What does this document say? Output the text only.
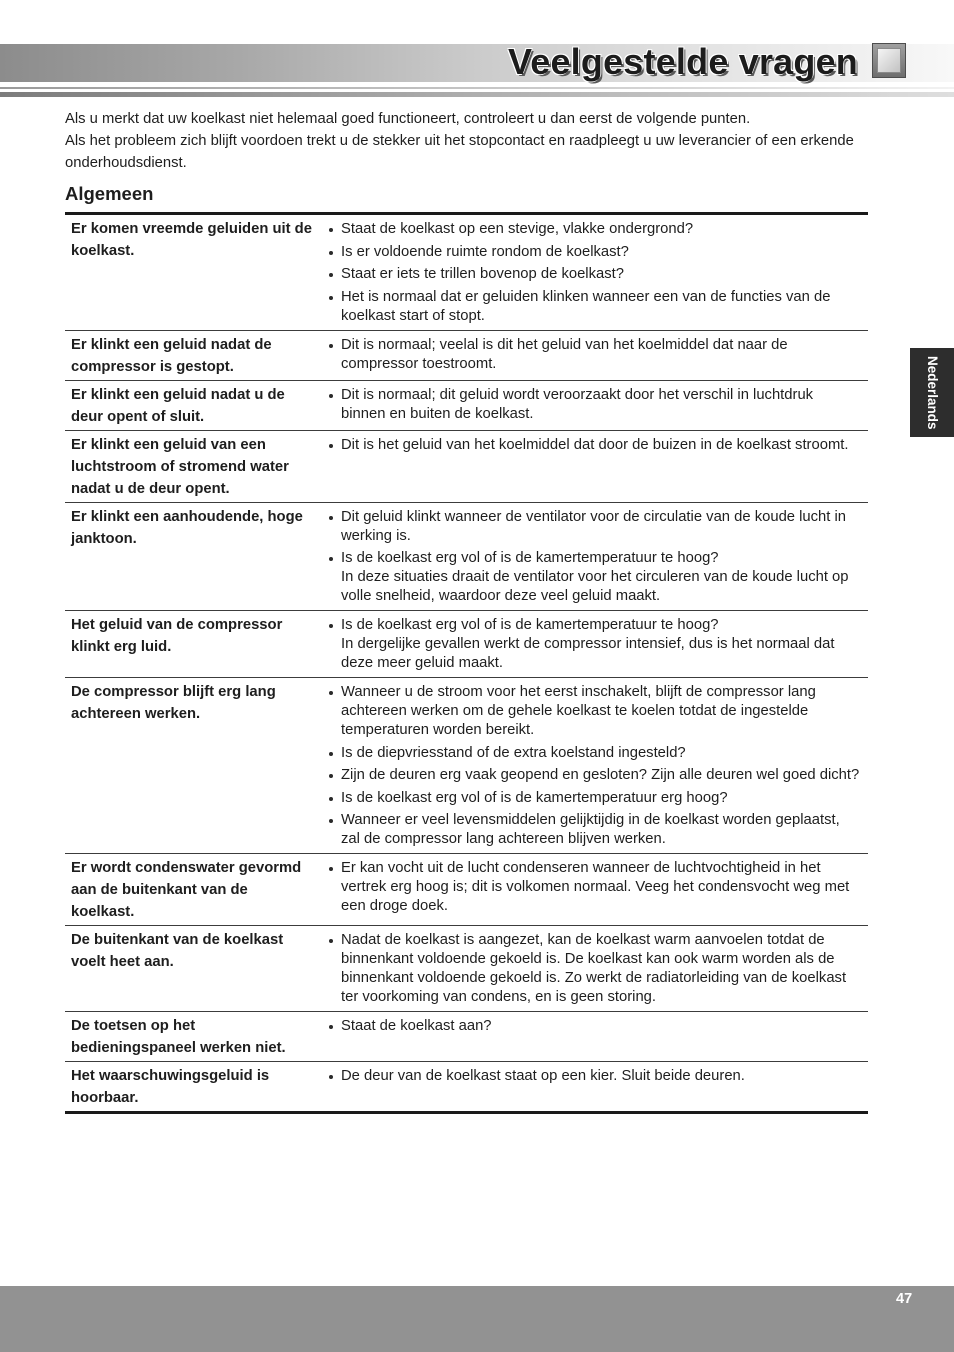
Veelgestelde vragen
Als u merkt dat uw koelkast niet helemaal goed functioneert, controleert u dan eerst de volgende punten.
Als het probleem zich blijft voordoen trekt u de stekker uit het stopcontact en raadpleegt u uw leverancier of een erkende
onderhoudsdienst.
Algemeen
Er komen vreemde geluiden uit de
koelkast.
Staat de koelkast op een stevige, vlakke ondergrond?
Is er voldoende ruimte rondom de koelkast?
Staat er iets te trillen bovenop de koelkast?
Het is normaal dat er geluiden klinken wanneer een van de functies van de
koelkast start of stopt.
Er klinkt een geluid nadat de
compressor is gestopt.
Dit is normaal; veelal is dit het geluid van het koelmiddel dat naar de
compressor toestroomt.
Er klinkt een geluid nadat u de
deur opent of sluit.
Dit is normaal; dit geluid wordt veroorzaakt door het verschil in luchtdruk
binnen en buiten de koelkast.
Er klinkt een geluid van een
luchtstroom of stromend water
nadat u de deur opent.
Dit is het geluid van het koelmiddel dat door de buizen in de koelkast stroomt.
Er klinkt een aanhoudende, hoge
janktoon.
Dit geluid klinkt wanneer de ventilator voor de circulatie van de koude lucht in
werking is.
Is de koelkast erg vol of is de kamertemperatuur te hoog?
In deze situaties draait de ventilator voor het circuleren van de koude lucht op
volle snelheid, waardoor deze veel geluid maakt.
Het geluid van de compressor
klinkt erg luid.
Is de koelkast erg vol of is de kamertemperatuur te hoog?
In dergelijke gevallen werkt de compressor intensief, dus is het normaal dat
deze meer geluid maakt.
De compressor blijft erg lang
achtereen werken.
Wanneer u de stroom voor het eerst inschakelt, blijft de compressor lang
achtereen werken om de gehele koelkast te koelen totdat de ingestelde
temperaturen worden bereikt.
Is de diepvriesstand of de extra koelstand ingesteld?
Zijn de deuren erg vaak geopend en gesloten? Zijn alle deuren wel goed dicht?
Is de koelkast erg vol of is de kamertemperatuur erg hoog?
Wanneer er veel levensmiddelen gelijktijdig in de koelkast worden geplaatst,
zal de compressor lang achtereen blijven werken.
Er wordt condenswater gevormd
aan de buitenkant van de
koelkast.
Er kan vocht uit de lucht condenseren wanneer de luchtvochtigheid in het
vertrek erg hoog is; dit is volkomen normaal. Veeg het condensvocht weg met
een droge doek.
De buitenkant van de koelkast
voelt heet aan.
Nadat de koelkast is aangezet, kan de koelkast warm aanvoelen totdat de
binnenkant voldoende gekoeld is. De koelkast kan ook warm worden als de
binnenkant voldoende gekoeld is. Zo werkt de radiatorleiding van de koelkast
ter voorkoming van condens, en is geen storing.
De toetsen op het
bedieningspaneel werken niet.
Staat de koelkast aan?
Het waarschuwingsgeluid is
hoorbaar.
De deur van de koelkast staat op een kier. Sluit beide deuren.
Nederlands
47
